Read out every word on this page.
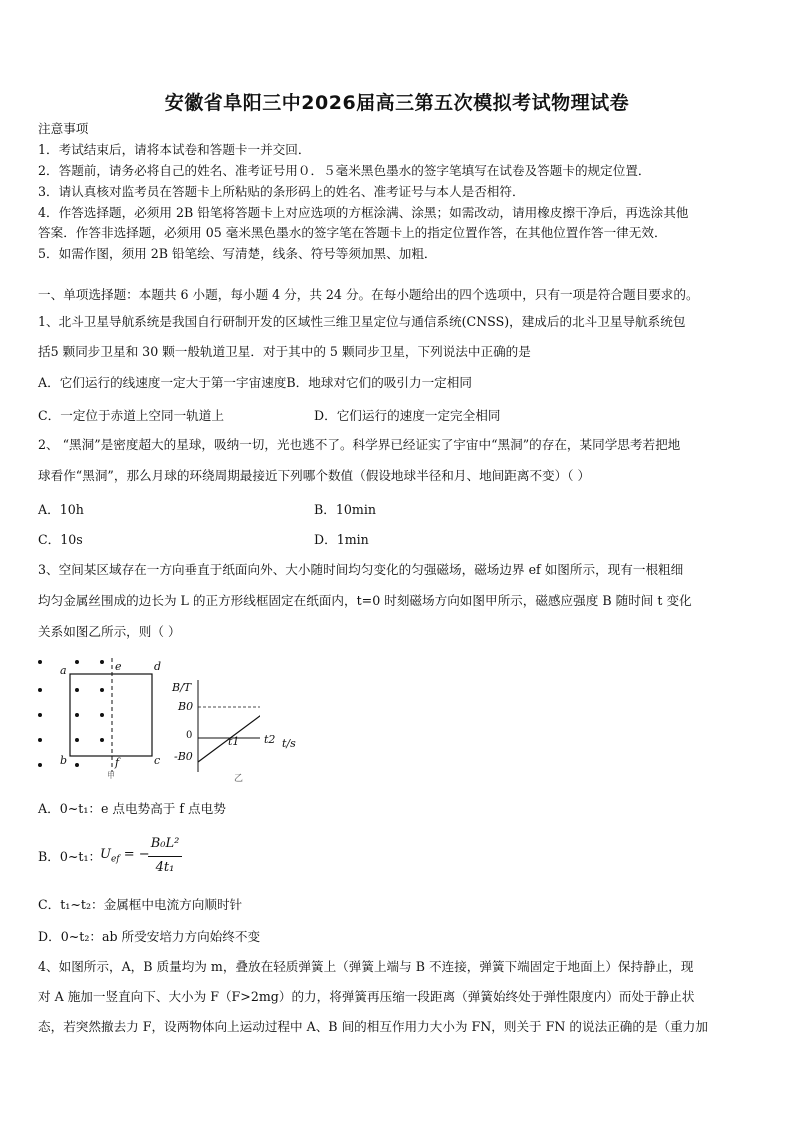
安徽省阜阳三中2026届高三第五次模拟考试物理试卷
注意事项
1．考试结束后，请将本试卷和答题卡一并交回．
2．答题前，请务必将自己的姓名、准考证号用０．５毫米黑色墨水的签字笔填写在试卷及答题卡的规定位置．
3．请认真核对监考员在答题卡上所粘贴的条形码上的姓名、准考证号与本人是否相符．
4．作答选择题，必须用 2B 铅笔将答题卡上对应选项的方框涂满、涂黑；如需改动，请用橡皮擦干净后，再选涂其他
答案．作答非选择题，必须用 05 毫米黑色墨水的签字笔在答题卡上的指定位置作答，在其他位置作答一律无效．
5．如需作图，须用 2B 铅笔绘、写清楚，线条、符号等须加黑、加粗．
一、单项选择题：本题共 6 小题，每小题 4 分，共 24 分。在每小题给出的四个选项中，只有一项是符合题目要求的。
1、北斗卫星导航系统是我国自行研制开发的区域性三维卫星定位与通信系统(CNSS)，建成后的北斗卫星导航系统包
括5 颗同步卫星和 30 颗一般轨道卫星．对于其中的 5 颗同步卫星，下列说法中正确的是
A．它们运行的线速度一定大于第一宇宙速度B．地球对它们的吸引力一定相同
C．一定位于赤道上空同一轨道上	D．它们运行的速度一定完全相同
2、 “黑洞”是密度超大的星球，吸纳一切，光也逃不了。科学界已经证实了宇宙中“黑洞”的存在，某同学思考若把地
球看作“黑洞”，那么月球的环绕周期最接近下列哪个数值（假设地球半径和月、地间距离不变）（ ）
A．10h	B．10min
C．10s	D．1min
3、空间某区域存在一方向垂直于纸面向外、大小随时间均匀变化的匀强磁场，磁场边界 ef 如图所示，现有一根粗细
均匀金属丝围成的边长为 L 的正方形线框固定在纸面内，t=0 时刻磁场方向如图甲所示，磁感应强度 B 随时间 t 变化
关系如图乙所示，则（ ）
a
b	c
d
e
f
甲
B/T
B0
0
-B0
t1 t2 t/s
乙
A．0~t₁：e 点电势高于 f 点电势
B．0~t₁：
$U_{ef}$ = −
B₀L²
4t₁
C．t₁~t₂：金属框中电流方向顺时针
D．0~t₂：ab 所受安培力方向始终不变
4、如图所示，A，B 质量均为 m，叠放在轻质弹簧上（弹簧上端与 B 不连接，弹簧下端固定于地面上）保持静止，现
对 A 施加一竖直向下、大小为 F（F>2mg）的力，将弹簧再压缩一段距离（弹簧始终处于弹性限度内）而处于静止状
态，若突然撤去力 F，设两物体向上运动过程中 A、B 间的相互作用力大小为 FN，则关于 FN 的说法正确的是（重力加
